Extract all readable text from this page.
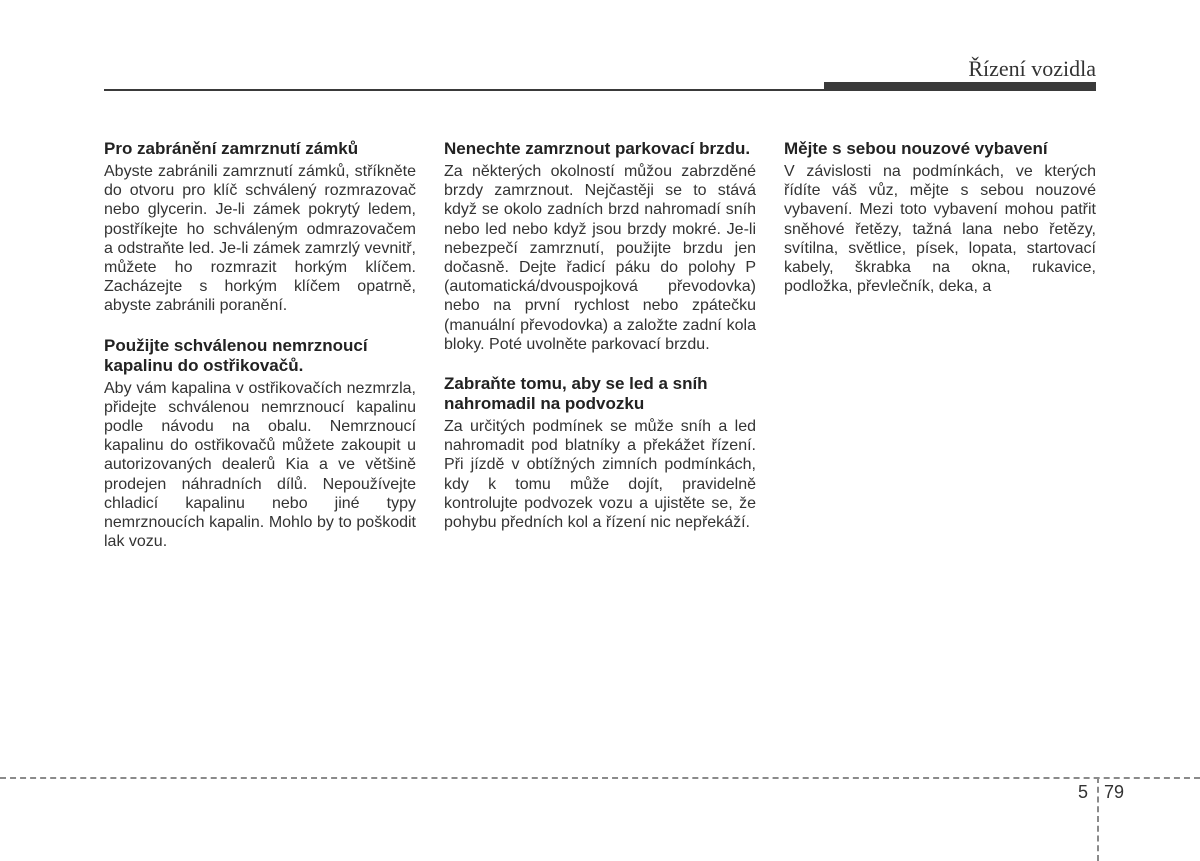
Řízení vozidla
Pro zabránění zamrznutí zámků

Abyste zabránili zamrznutí zámků, stříkněte do otvoru pro klíč schválený rozmrazovač nebo glycerin. Je-li zámek pokrytý ledem, postříkejte ho schváleným odmrazovačem a odstraňte led. Je-li zámek zamrzlý vevnitř, můžete ho rozmrazit horkým klíčem. Zacházejte s horkým klíčem opatrně, abyste zabránili poranění.

Použijte schválenou nemrznoucí kapalinu do ostřikovačů.

Aby vám kapalina v ostřikovačích nezmrzla, přidejte schválenou nemrznoucí kapalinu podle návodu na obalu. Nemrznoucí kapalinu do ostřikovačů můžete zakoupit u autorizovaných dealerů Kia a ve většině prodejen náhradních dílů. Nepoužívejte chladicí kapalinu nebo jiné typy nemrznoucích kapalin. Mohlo by to poškodit lak vozu.

Nenechte zamrznout parkovací brzdu.

Za některých okolností můžou zabrzděné brzdy zamrznout. Nejčastěji se to stává když se okolo zadních brzd nahromadí sníh nebo led nebo když jsou brzdy mokré. Je-li nebezpečí zamrznutí, použijte brzdu jen dočasně. Dejte řadicí páku do polohy P (automatická/dvouspojková převodovka) nebo na první rychlost nebo zpátečku (manuální převodovka) a založte zadní kola bloky. Poté uvolněte parkovací brzdu.

Zabraňte tomu, aby se led a sníh nahromadil na podvozku

Za určitých podmínek se může sníh a led nahromadit pod blatníky a překážet řízení. Při jízdě v obtížných zimních podmínkách, kdy k tomu může dojít, pravidelně kontrolujte podvozek vozu a ujistěte se, že pohybu předních kol a řízení nic nepřekáží.

Mějte s sebou nouzové vybavení

V závislosti na podmínkách, ve kterých řídíte váš vůz, mějte s sebou nouzové vybavení. Mezi toto vybavení mohou patřit sněhové řetězy, tažná lana nebo řetězy, svítilna, světlice, písek, lopata, startovací kabely, škrabka na okna, rukavice, podložka, převlečník, deka, a

5 79
